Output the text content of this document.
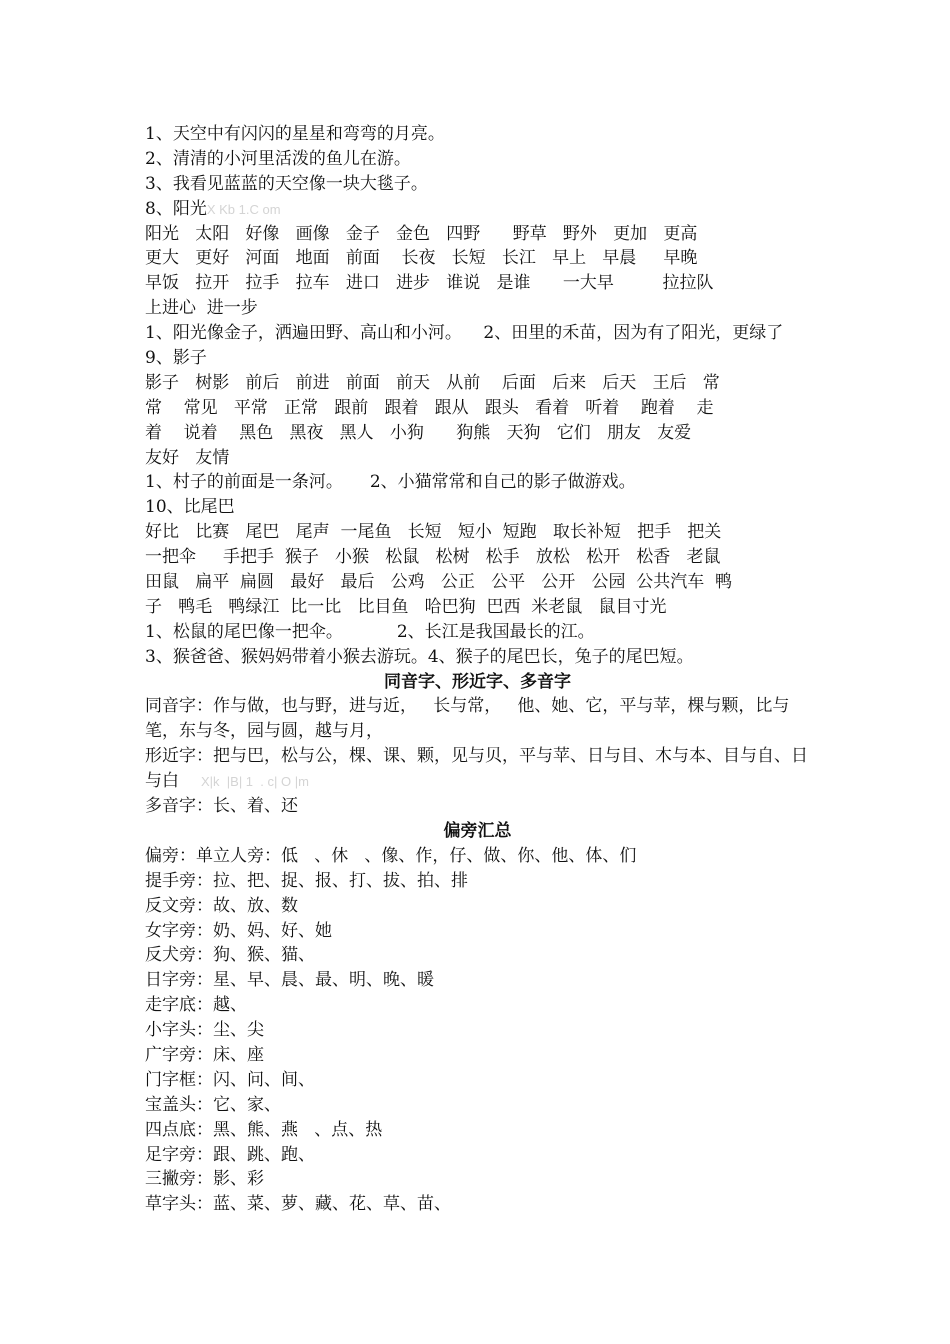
1、天空中有闪闪的星星和弯弯的月亮。
2、清清的小河里活泼的鱼儿在游。
3、我看见蓝蓝的天空像一块大毯子。
8、阳光X Kb 1.C om
阳光   太阳   好像   画像   金子   金色   四野      野草   野外   更加   更高
更大   更好   河面   地面   前面    长夜   长短   长江   早上   早晨     早晚
早饭   拉开   拉手   拉车   进口   进步   谁说   是谁      一大早         拉拉队
上进心  进一步
1、阳光像金子，洒遍田野、高山和小河。    2、田里的禾苗，因为有了阳光，更绿了
9、影子
影子   树影   前后   前进   前面   前天   从前    后面   后来   后天   王后   常
常    常见   平常   正常   跟前   跟着   跟从   跟头   看着   听着    跑着    走
着    说着    黑色   黑夜   黑人   小狗      狗熊   天狗   它们   朋友   友爱
友好   友情
1、村子的前面是一条河。     2、小猫常常和自己的影子做游戏。
10、比尾巴
好比   比赛   尾巴   尾声  一尾鱼   长短   短小  短跑   取长补短   把手   把关
一把伞     手把手  猴子   小猴   松鼠   松树   松手   放松   松开   松香   老鼠
田鼠   扁平  扁圆   最好   最后   公鸡   公正   公平   公开   公园  公共汽车  鸭
子   鸭毛   鸭绿江  比一比   比目鱼   哈巴狗  巴西  米老鼠   鼠目寸光
1、松鼠的尾巴像一把伞。          2、长江是我国最长的江。
3、猴爸爸、猴妈妈带着小猴去游玩。4、猴子的尾巴长，兔子的尾巴短。
同音字、形近字、多音字
同音字：作与做，也与野，进与近，   长与常，   他、她、它，平与苹，棵与颗，比与
笔，东与冬，园与圆，越与月，
形近字：把与巴，松与公，棵、课、颗，见与贝，平与苹、日与目、木与本、目与自、日
与白 X|k  |B| 1  . c| O |m
多音字：长、着、还
偏旁汇总
偏旁：单立人旁：低   、休   、像、作，仔、做、你、他、体、们
提手旁：拉、把、捉、报、打、拔、拍、排
反文旁：故、放、数
女字旁：奶、妈、好、她
反犬旁：狗、猴、猫、
日字旁：星、早、晨、最、明、晚、暖
走字底：越、
小字头：尘、尖
广字旁：床、座
门字框：闪、问、间、
宝盖头：它、家、
四点底：黑、熊、燕   、点、热
足字旁：跟、跳、跑、
三撇旁：影、彩
草字头：蓝、菜、萝、藏、花、草、苗、
